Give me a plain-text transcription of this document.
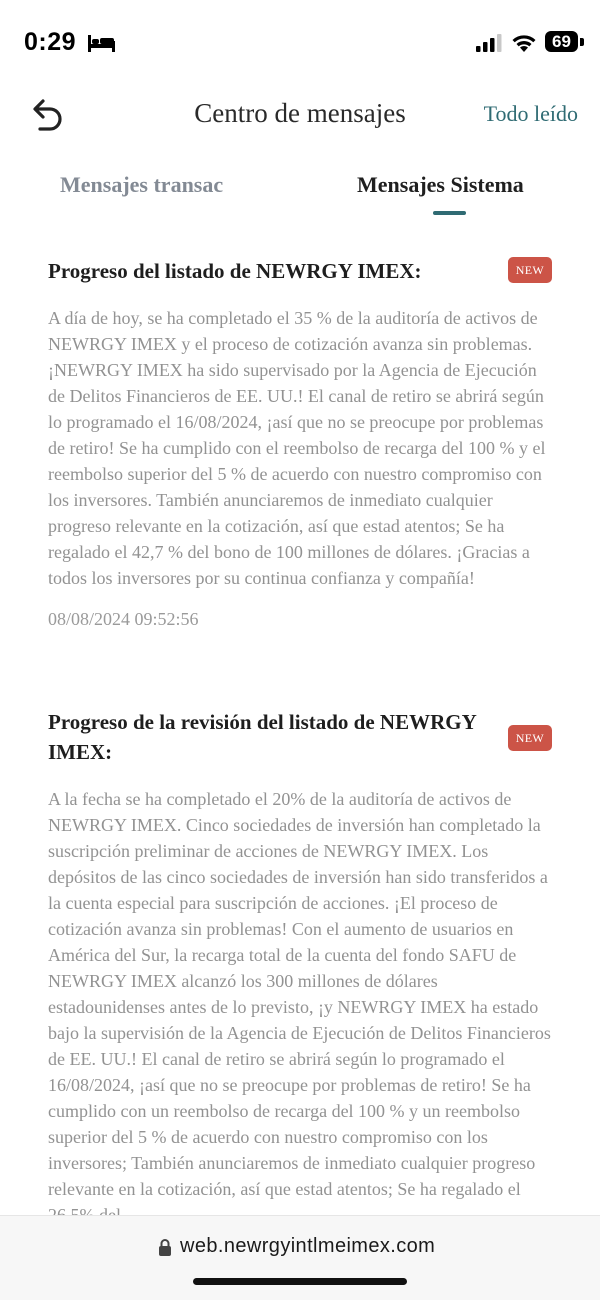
0:29	69
Centro de mensajes	Todo leído
Mensajes transac	Mensajes Sistema
Progreso del listado de NEWRGY IMEX:	NEW
A día de hoy, se ha completado el 35 % de la auditoría de activos de NEWRGY IMEX y el proceso de cotización avanza sin problemas. ¡NEWRGY IMEX ha sido supervisado por la Agencia de Ejecución de Delitos Financieros de EE. UU.! El canal de retiro se abrirá según lo programado el 16/08/2024, ¡así que no se preocupe por problemas de retiro! Se ha cumplido con el reembolso de recarga del 100 % y el reembolso superior del 5 % de acuerdo con nuestro compromiso con los inversores. También anunciaremos de inmediato cualquier progreso relevante en la cotización, así que estad atentos; Se ha regalado el 42,7 % del bono de 100 millones de dólares. ¡Gracias a todos los inversores por su continua confianza y compañía!
08/08/2024 09:52:56
Progreso de la revisión del listado de NEWRGY IMEX:
NEW
A la fecha se ha completado el 20% de la auditoría de activos de NEWRGY IMEX. Cinco sociedades de inversión han completado la suscripción preliminar de acciones de NEWRGY IMEX. Los depósitos de las cinco sociedades de inversión han sido transferidos a la cuenta especial para suscripción de acciones. ¡El proceso de cotización avanza sin problemas! Con el aumento de usuarios en América del Sur, la recarga total de la cuenta del fondo SAFU de NEWRGY IMEX alcanzó los 300 millones de dólares estadounidenses antes de lo previsto, ¡y NEWRGY IMEX ha estado bajo la supervisión de la Agencia de Ejecución de Delitos Financieros de EE. UU.! El canal de retiro se abrirá según lo programado el 16/08/2024, ¡así que no se preocupe por problemas de retiro! Se ha cumplido con un reembolso de recarga del 100 % y un reembolso superior del 5 % de acuerdo con nuestro compromiso con los inversores; También anunciaremos de inmediato cualquier progreso relevante en la cotización, así que estad atentos; Se ha regalado el
web.newrgyintlmeimex.com
